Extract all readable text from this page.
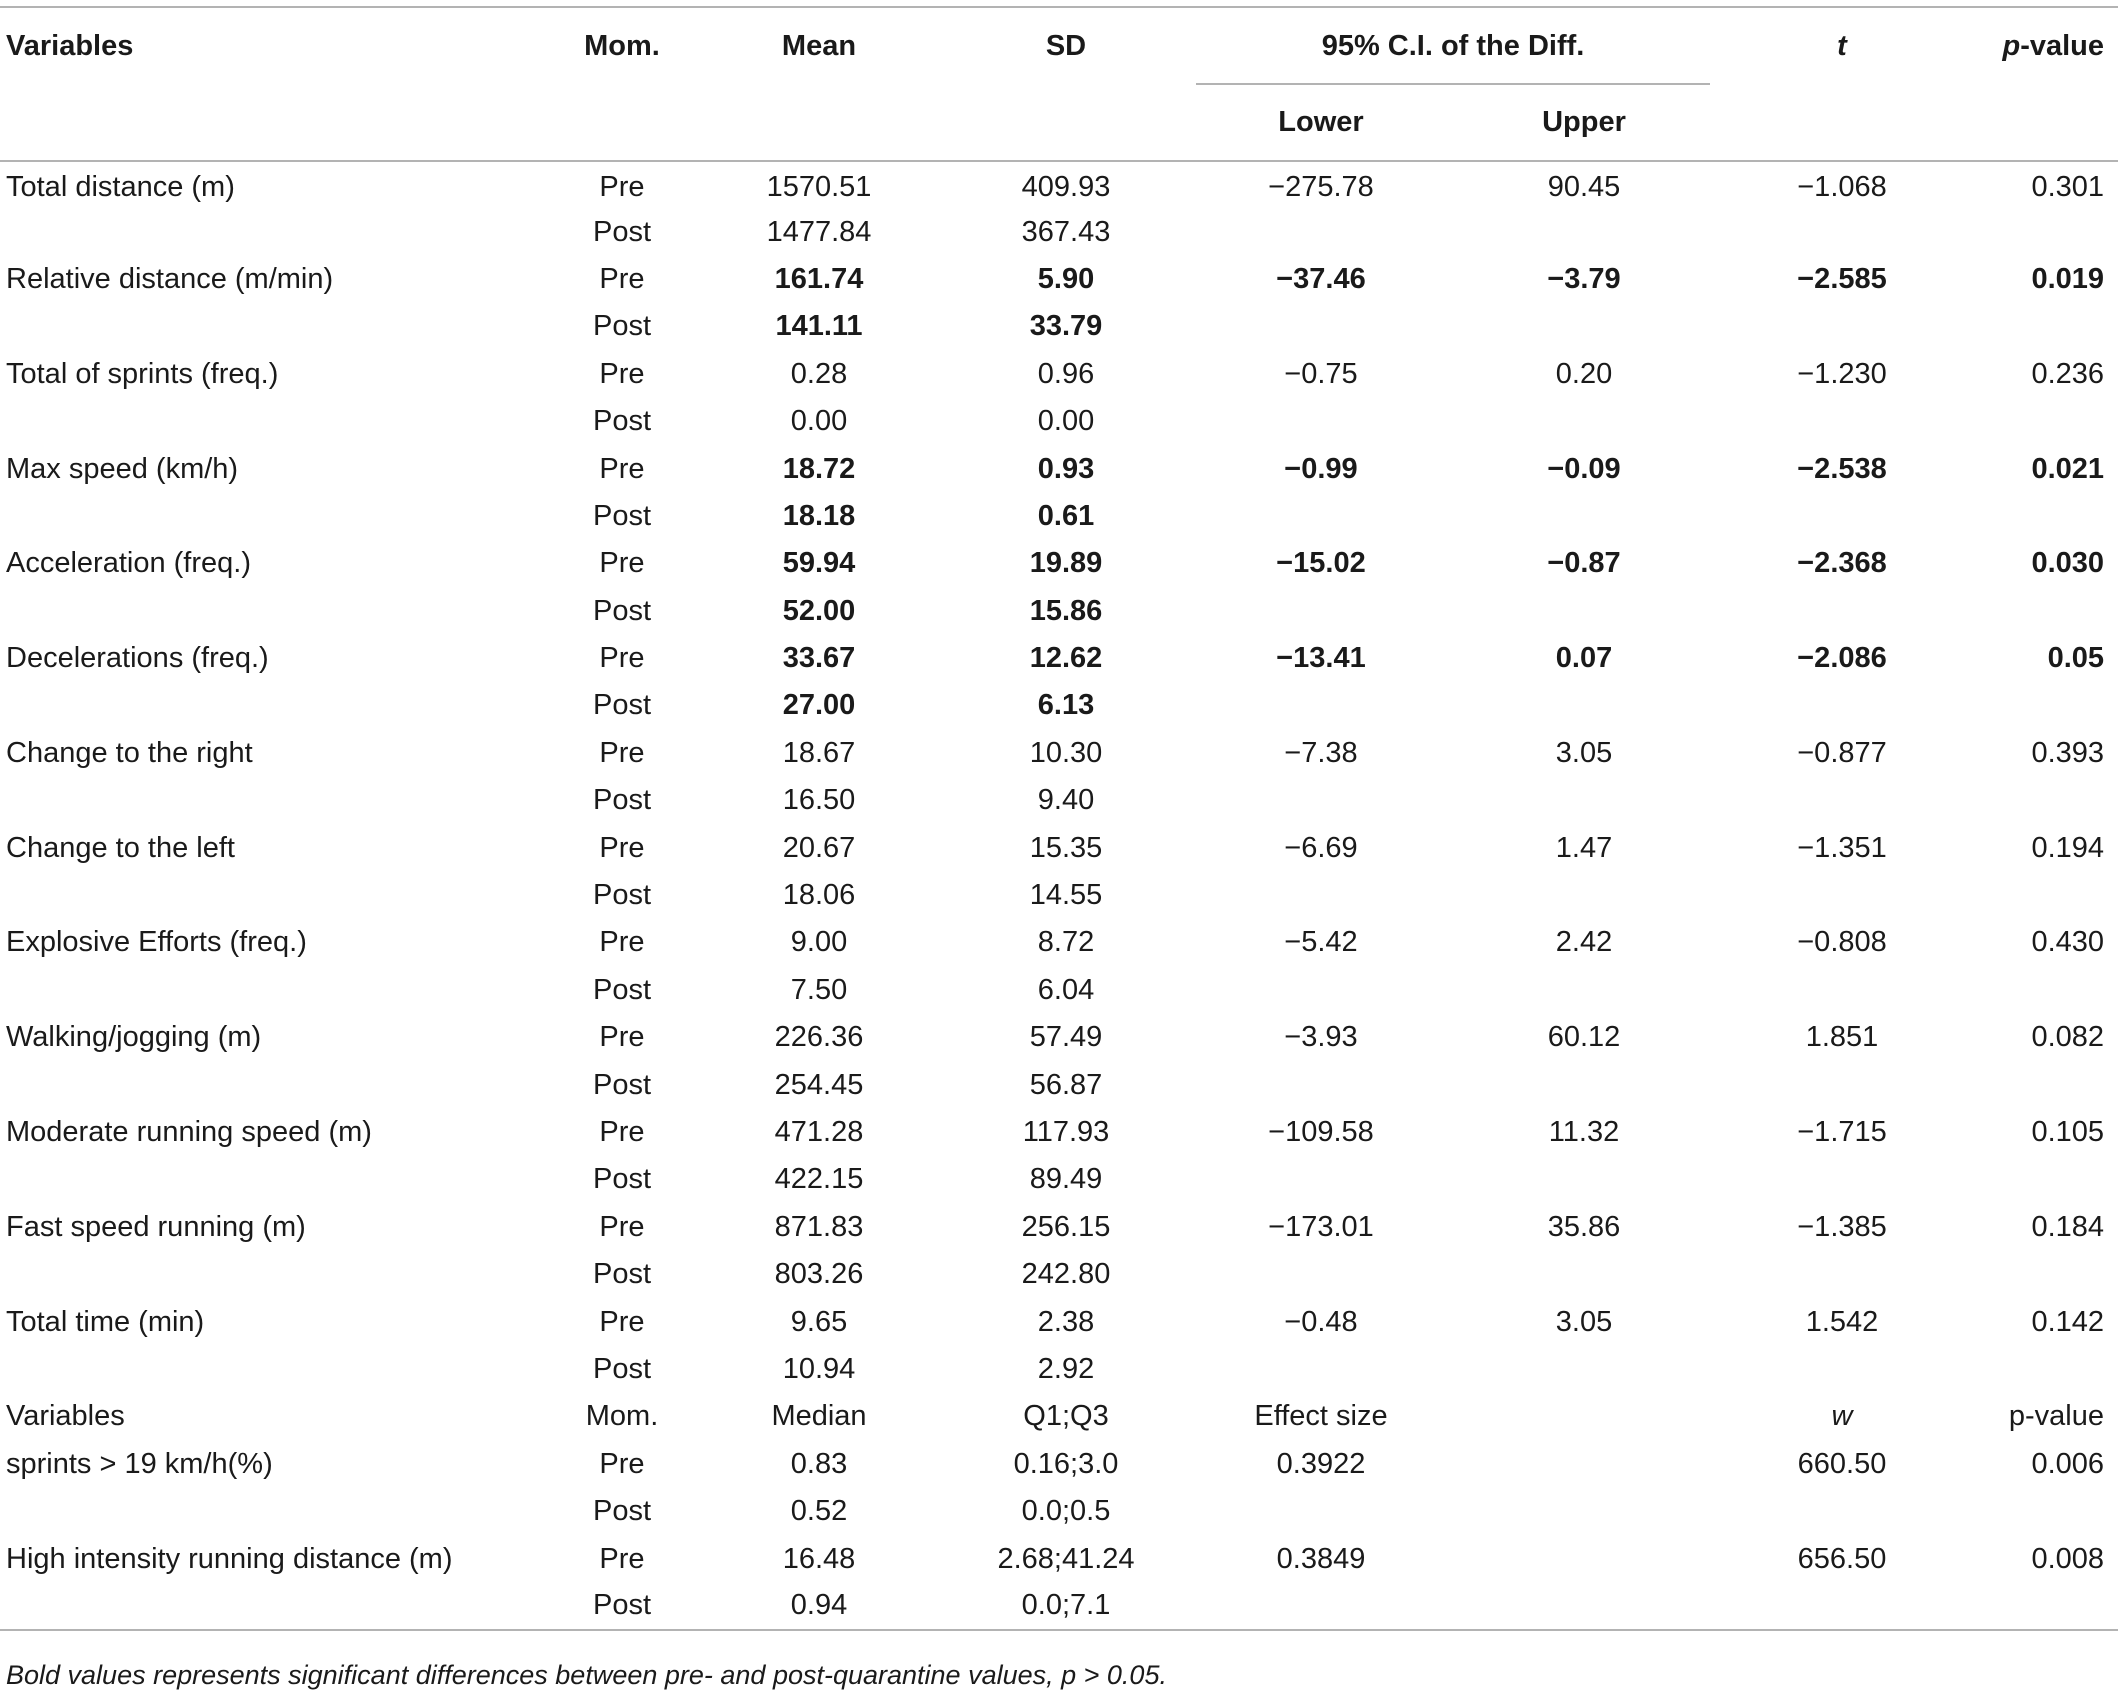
Variables	Mom.	Mean	SD	95% C.I. of the Diff.		t	p-value
				Lower	Upper		
Total distance (m)	Pre	1570.51	409.93	−275.78	90.45	−1.068	0.301
	Post	1477.84	367.43				
Relative distance (m/min)	Pre	161.74	5.90	−37.46	−3.79	−2.585	0.019
	Post	141.11	33.79				
Total of sprints (freq.)	Pre	0.28	0.96	−0.75	0.20	−1.230	0.236
	Post	0.00	0.00				
Max speed (km/h)	Pre	18.72	0.93	−0.99	−0.09	−2.538	0.021
	Post	18.18	0.61				
Acceleration (freq.)	Pre	59.94	19.89	−15.02	−0.87	−2.368	0.030
	Post	52.00	15.86				
Decelerations (freq.)	Pre	33.67	12.62	−13.41	0.07	−2.086	0.05
	Post	27.00	6.13				
Change to the right	Pre	18.67	10.30	−7.38	3.05	−0.877	0.393
	Post	16.50	9.40				
Change to the left	Pre	20.67	15.35	−6.69	1.47	−1.351	0.194
	Post	18.06	14.55				
Explosive Efforts (freq.)	Pre	9.00	8.72	−5.42	2.42	−0.808	0.430
	Post	7.50	6.04				
Walking/jogging (m)	Pre	226.36	57.49	−3.93	60.12	1.851	0.082
	Post	254.45	56.87				
Moderate running speed (m)	Pre	471.28	117.93	−109.58	11.32	−1.715	0.105
	Post	422.15	89.49				
Fast speed running (m)	Pre	871.83	256.15	−173.01	35.86	−1.385	0.184
	Post	803.26	242.80				
Total time (min)	Pre	9.65	2.38	−0.48	3.05	1.542	0.142
	Post	10.94	2.92				
Variables	Mom.	Median	Q1;Q3	Effect size		w	p-value
sprints > 19 km/h(%)	Pre	0.83	0.16;3.0	0.3922		660.50	0.006
	Post	0.52	0.0;0.5				
High intensity running distance (m)	Pre	16.48	2.68;41.24	0.3849		656.50	0.008
	Post	0.94	0.0;7.1				
Bold values represents significant differences between pre- and post-quarantine values, p > 0.05.
